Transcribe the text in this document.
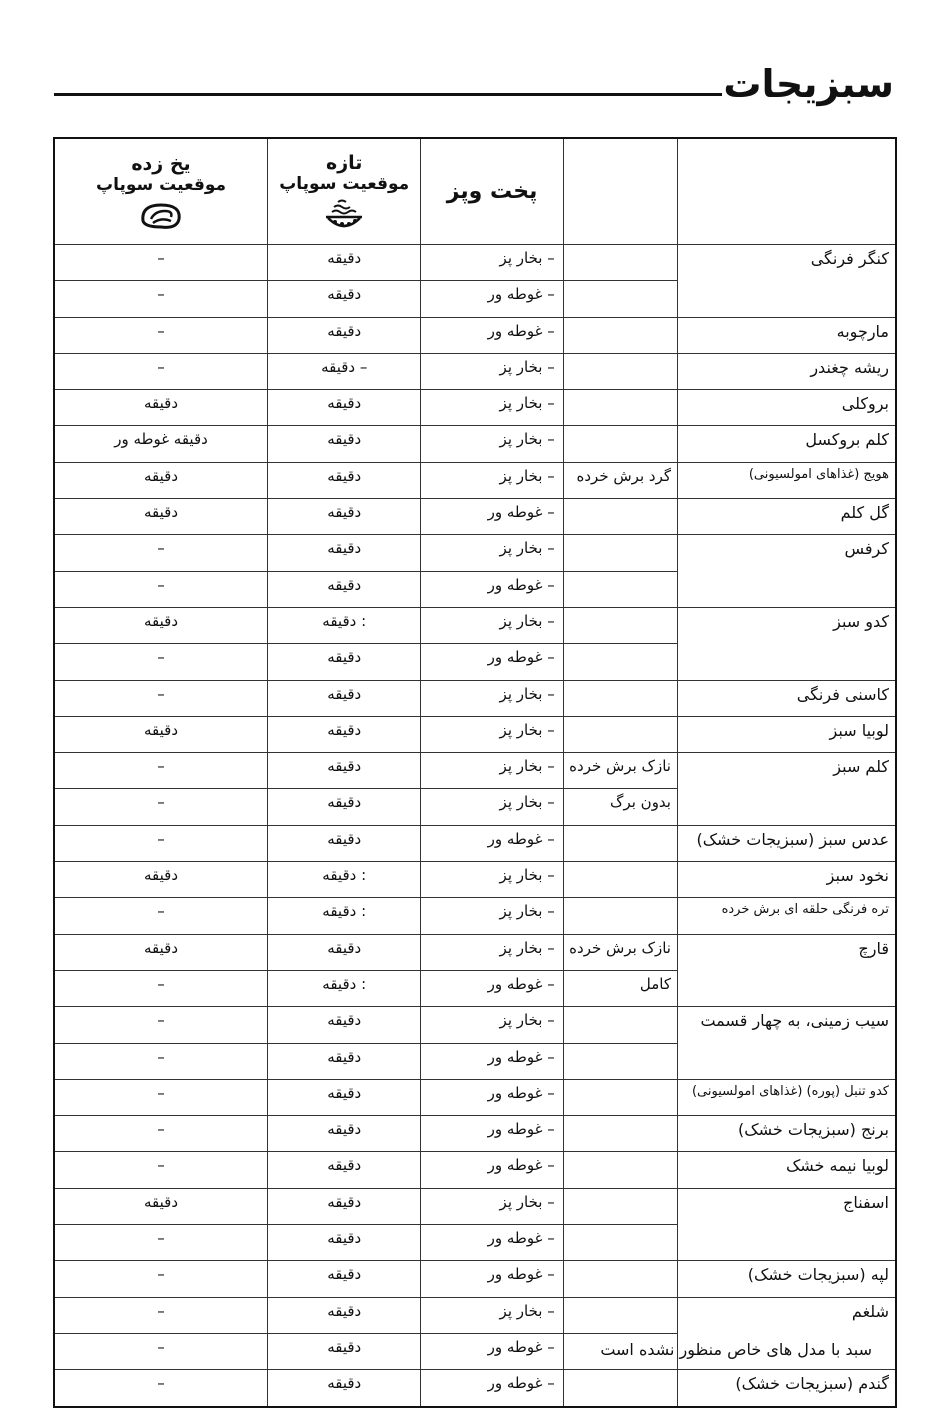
سبزیجات
		پخت وپز	تازه
موقعیت سوپاپ	یخ زده
موقعیت سوپاپ

کنگر فرنگی		– بخار پز	دقیقه	–
		– غوطه ور	دقیقه	–
مارچوبه		– غوطه ور	دقیقه	–
ریشه چغندر		– بخار پز	– دقیقه	–
بروکلی		– بخار پز	دقیقه	دقیقه
کلم بروکسل		– بخار پز	دقیقه	دقیقه غوطه ور
هویج (غذاهای امولسیونی)	گرد برش خرده	– بخار پز	دقیقه	دقیقه
گل کلم		– غوطه ور	دقیقه	دقیقه
کرفس		– بخار پز	دقیقه	–
		– غوطه ور	دقیقه	–
کدو سبز		– بخار پز	: دقیقه	دقیقه
		– غوطه ور	دقیقه	–
کاسنی فرنگی		– بخار پز	دقیقه	–
لوبیا سبز		– بخار پز	دقیقه	دقیقه
کلم سبز	نازک برش خرده	– بخار پز	دقیقه	–
	بدون برگ	– بخار پز	دقیقه	–
عدس سبز (سبزیجات خشک)		– غوطه ور	دقیقه	–
نخود سبز		– بخار پز	: دقیقه	دقیقه
تره فرنگی حلقه ای برش خرده		– بخار پز	: دقیقه	–
قارچ	نازک برش خرده	– بخار پز	دقیقه	دقیقه
	کامل	– غوطه ور	: دقیقه	–
سیب زمینی، به چهار قسمت		– بخار پز	دقیقه	–
		– غوطه ور	دقیقه	–
کدو تنبل (پوره) (غذاهای امولسیونی)		– غوطه ور	دقیقه	–
برنج (سبزیجات خشک)		– غوطه ور	دقیقه	–
لوبیا نیمه خشک		– غوطه ور	دقیقه	–
اسفناج		– بخار پز	دقیقه	دقیقه
		– غوطه ور	دقیقه	–
لپه (سبزیجات خشک)		– غوطه ور	دقیقه	–
شلغم		– بخار پز	دقیقه	–
		– غوطه ور	دقیقه	–
گندم (سبزیجات خشک)		– غوطه ور	دقیقه	–
سبد با مدل های خاص منظور نشده است
